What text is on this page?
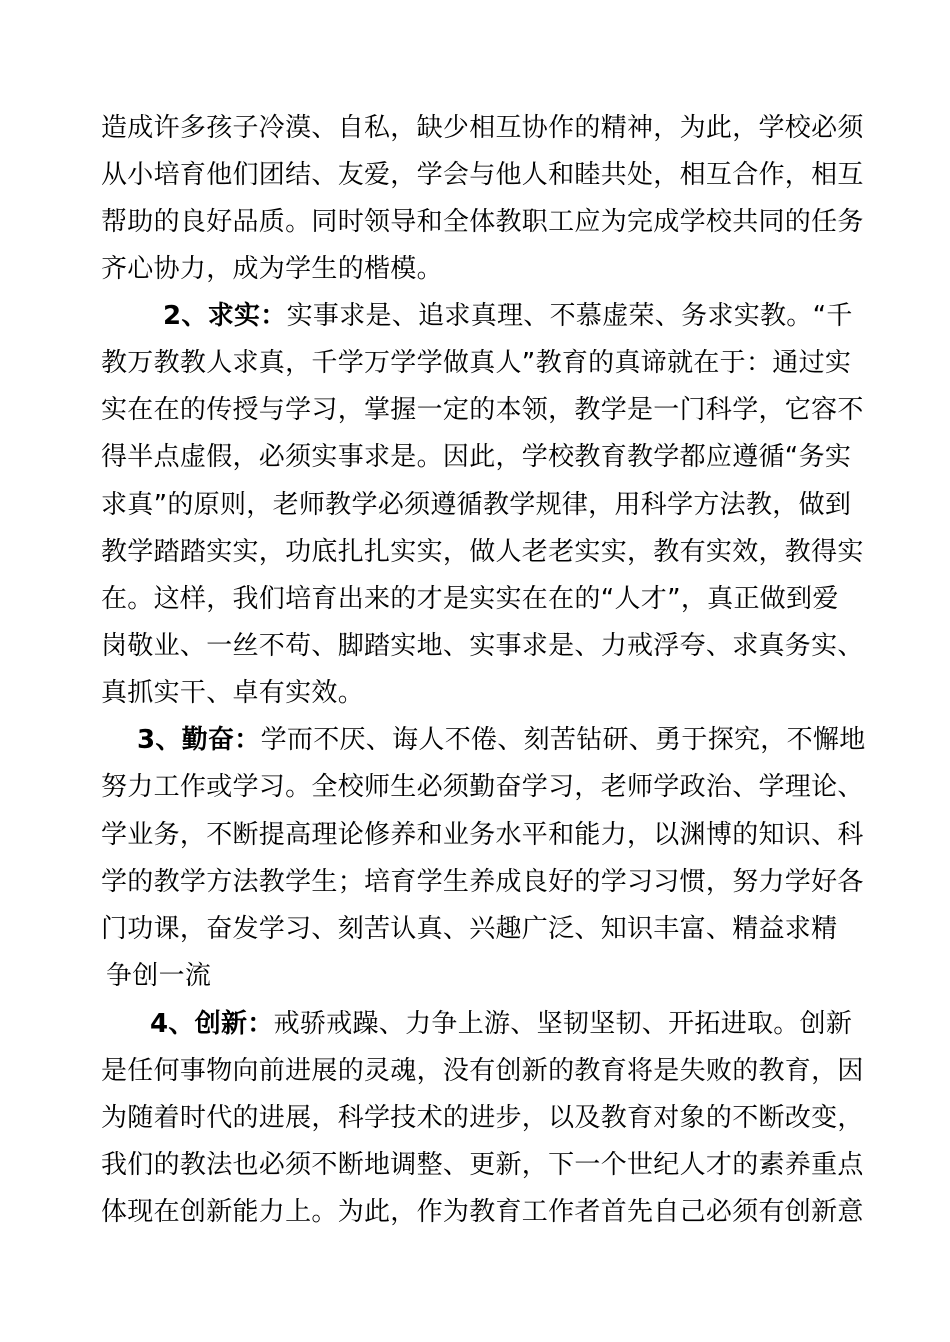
造成许多孩子冷漠、自私，缺少相互协作的精神，为此，学校必须
从小培育他们团结、友爱，学会与他人和睦共处，相互合作，相互
帮助的良好品质。同时领导和全体教职工应为完成学校共同的任务
齐心协力，成为学生的楷模。
2、求实：实事求是、追求真理、不慕虚荣、务求实教。“千
教万教教人求真，千学万学学做真人”教育的真谛就在于：通过实
实在在的传授与学习，掌握一定的本领，教学是一门科学，它容不
得半点虚假，必须实事求是。因此，学校教育教学都应遵循“务实
求真”的原则，老师教学必须遵循教学规律，用科学方法教，做到
教学踏踏实实，功底扎扎实实，做人老老实实，教有实效，教得实
在。这样，我们培育出来的才是实实在在的“人才”，真正做到爱
岗敬业、一丝不苟、脚踏实地、实事求是、力戒浮夸、求真务实、
真抓实干、卓有实效。
3、勤奋：学而不厌、诲人不倦、刻苦钻研、勇于探究，不懈地
努力工作或学习。全校师生必须勤奋学习，老师学政治、学理论、
学业务，不断提高理论修养和业务水平和能力，以渊博的知识、科
学的教学方法教学生；培育学生养成良好的学习习惯，努力学好各
门功课，奋发学习、刻苦认真、兴趣广泛、知识丰富、精益求精
争创一流
4、创新：戒骄戒躁、力争上游、坚韧坚韧、开拓进取。创新
是任何事物向前进展的灵魂，没有创新的教育将是失败的教育，因
为随着时代的进展，科学技术的进步，以及教育对象的不断改变，
我们的教法也必须不断地调整、更新，下一个世纪人才的素养重点
体现在创新能力上。为此，作为教育工作者首先自己必须有创新意
